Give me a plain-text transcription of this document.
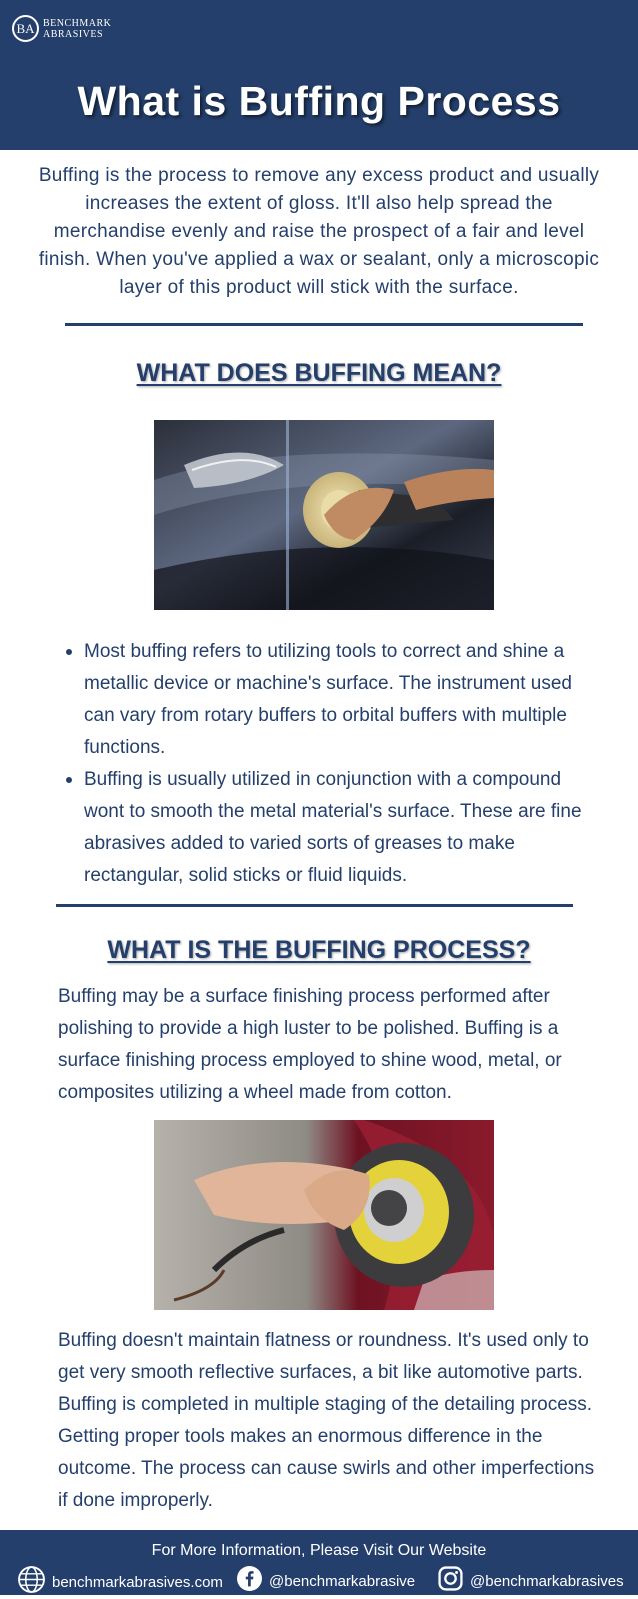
BA BENCHMARK
ABRASIVES
What is Buffing Process
Buffing is the process to remove any excess product and usually increases the extent of gloss. It'll also help spread the merchandise evenly and raise the prospect of a fair and level finish. When you've applied a wax or sealant, only a microscopic layer of this product will stick with the surface.
WHAT DOES BUFFING MEAN?
Most buffing refers to utilizing tools to correct and shine a metallic device or machine's surface. The instrument used can vary from rotary buffers to orbital buffers with multiple functions.
Buffing is usually utilized in conjunction with a compound wont to smooth the metal material's surface. These are fine abrasives added to varied sorts of greases to make rectangular, solid sticks or fluid liquids.
WHAT IS THE BUFFING PROCESS?
Buffing may be a surface finishing process performed after polishing to provide a high luster to be polished. Buffing is a surface finishing process employed to shine wood, metal, or composites utilizing a wheel made from cotton.
Buffing doesn't maintain flatness or roundness. It's used only to get very smooth reflective surfaces, a bit like automotive parts. Buffing is completed in multiple staging of the detailing process. Getting proper tools makes an enormous difference in the outcome. The process can cause swirls and other imperfections if done improperly.
For More Information, Please Visit Our Website
benchmarkabrasives.com	@benchmarkabrasive	@benchmarkabrasives
